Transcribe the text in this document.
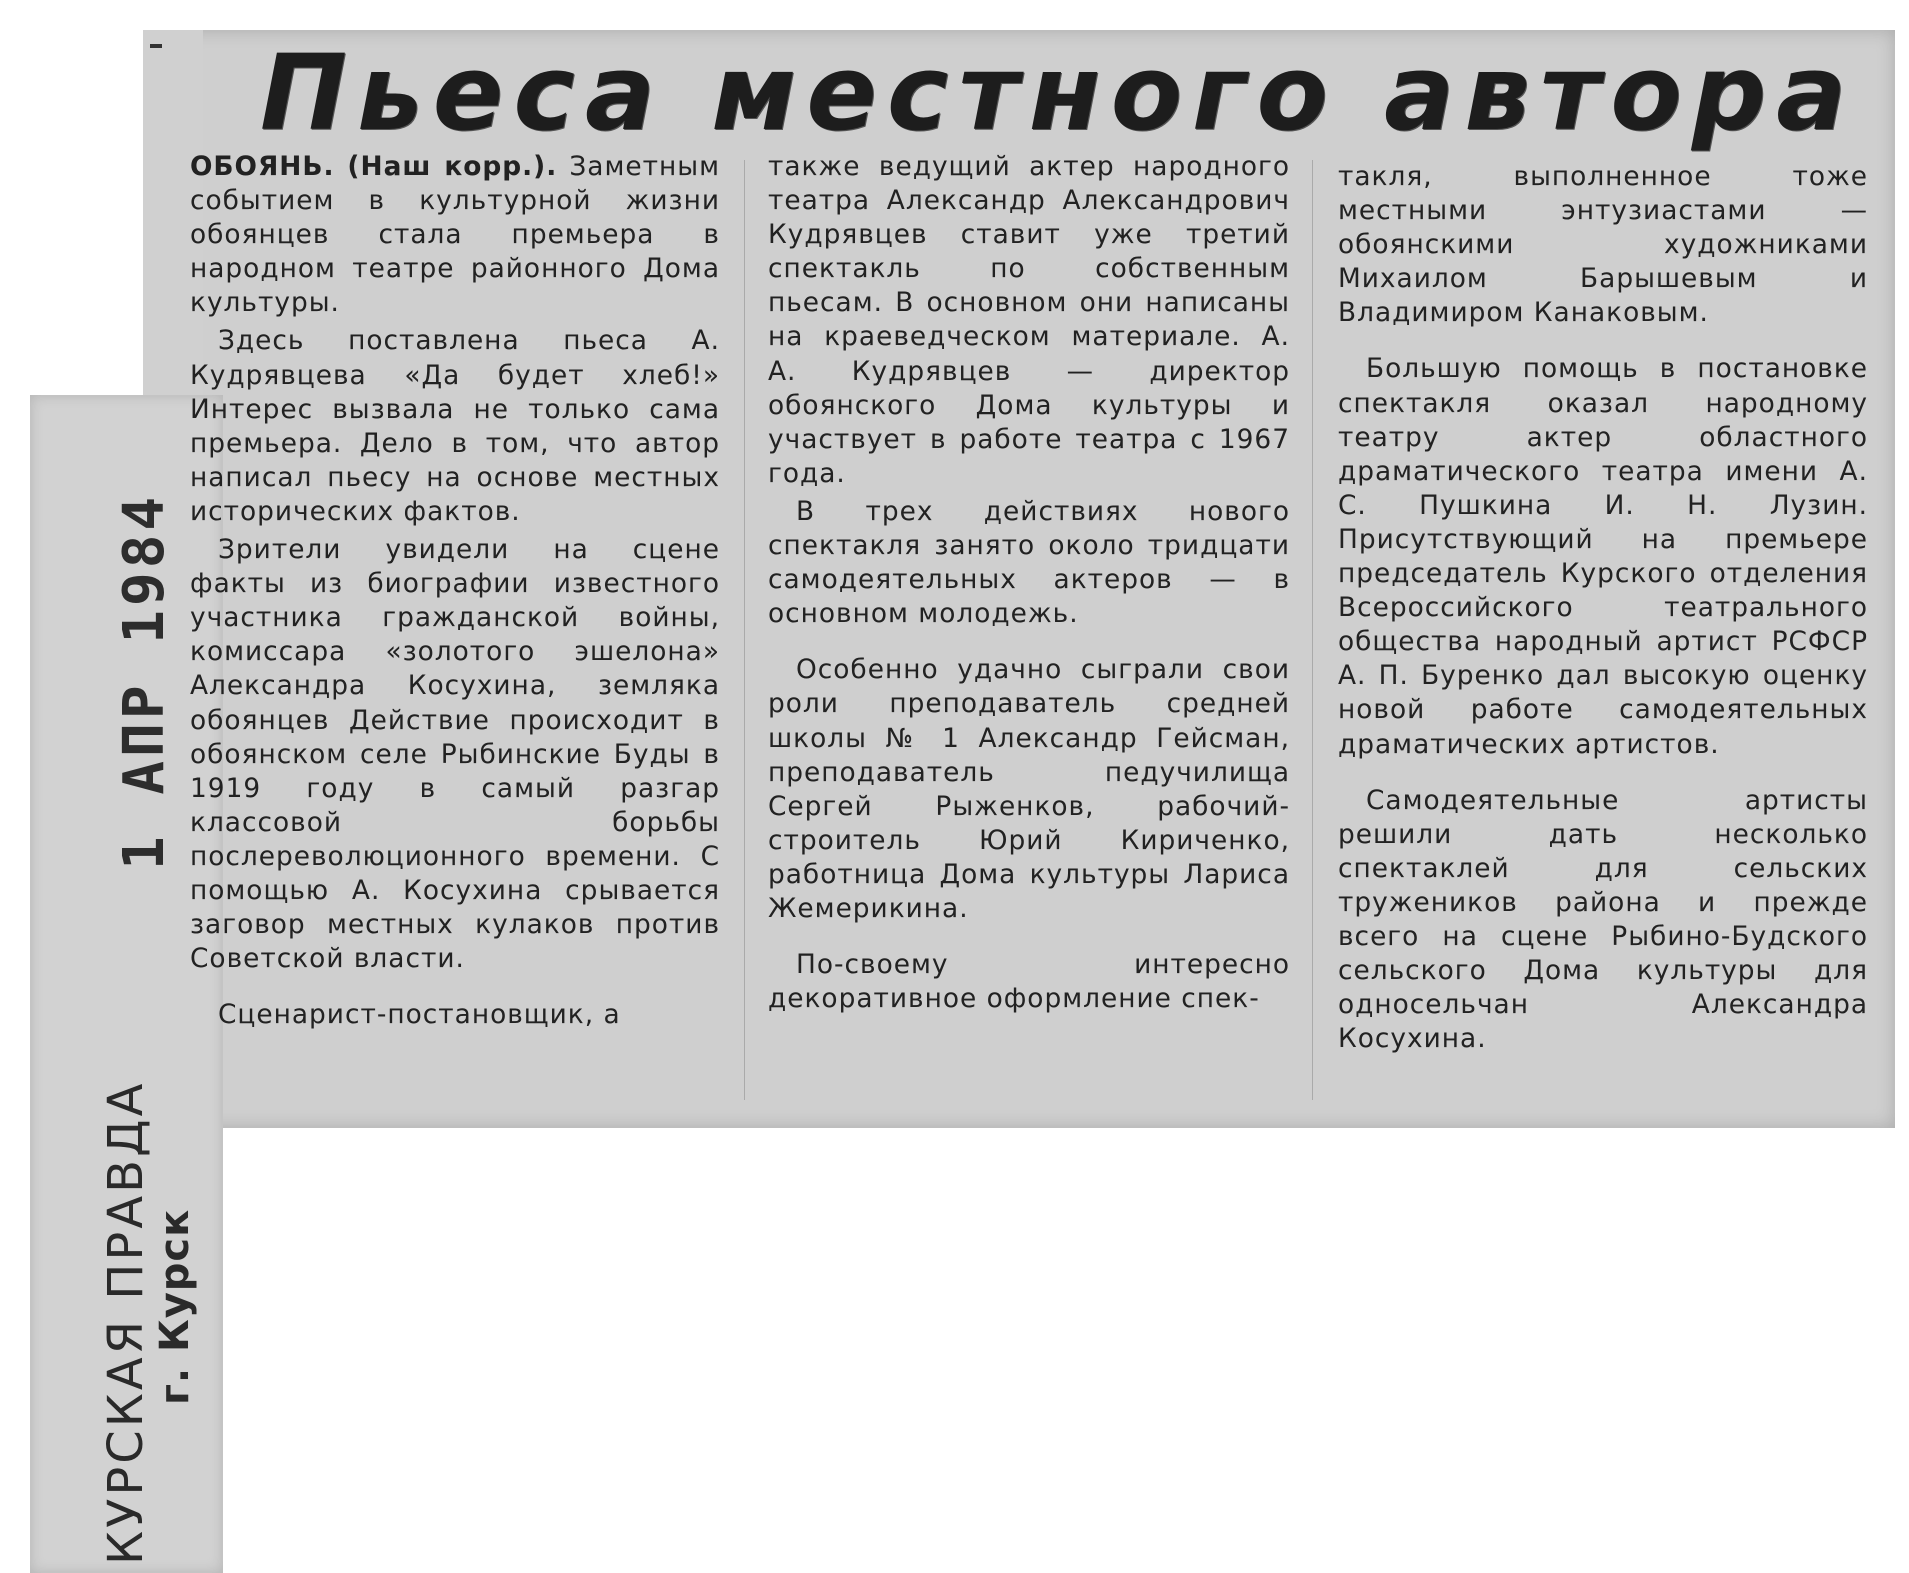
Пьеса местного автора

ОБОЯНЬ. (Наш корр.). Заметным событием в культурной жизни обоянцев стала премьера в народном театре районного Дома культуры.

Здесь поставлена пьеса А. Кудрявцева «Да будет хлеб!» Интерес вызвала не только сама премьера. Дело в том, что автор написал пьесу на основе местных исторических фактов.

Зрители увидели на сцене факты из биографии известного участника гражданской войны, комиссара «золотого эшелона» Александра Косухина, земляка обоянцев Действие происходит в обоянском селе Рыбинские Буды в 1919 году в самый разгар классовой борьбы послереволюционного времени. С помощью А. Косухина срывается заговор местных кулаков против Советской власти.

Сценарист-постановщик, а

также ведущий актер народного театра Александр Александрович Кудрявцев ставит уже третий спектакль по собственным пьесам. В основном они написаны на краеведческом материале. А. А. Кудрявцев — директор обоянского Дома культуры и участвует в работе театра с 1967 года.

В трех действиях нового спектакля занято около тридцати самодеятельных актеров — в основном молодежь.

Особенно удачно сыграли свои роли преподаватель средней школы № 1 Александр Гейсман, преподаватель педучилища Сергей Рыженков, рабочий-строитель Юрий Кириченко, работница Дома культуры Лариса Жемерикина.

По-своему интересно декоративное оформление спек-

такля, выполненное тоже местными энтузиастами — обоянскими художниками Михаилом Барышевым и Владимиром Канаковым.

Большую помощь в постановке спектакля оказал народному театру актер областного драматического театра имени А. С. Пушкина И. Н. Лузин. Присутствующий на премьере председатель Курского отделения Всероссийского театрального общества народный артист РСФСР А. П. Буренко дал высокую оценку новой работе самодеятельных драматических артистов.

Самодеятельные артисты решили дать несколько спектаклей для сельских тружеников района и прежде всего на сцене Рыбино-Будского сельского Дома культуры для односельчан Александра Косухина.

1 АПР 1984
КУРСКАЯ ПРАВДА
г. Курск
